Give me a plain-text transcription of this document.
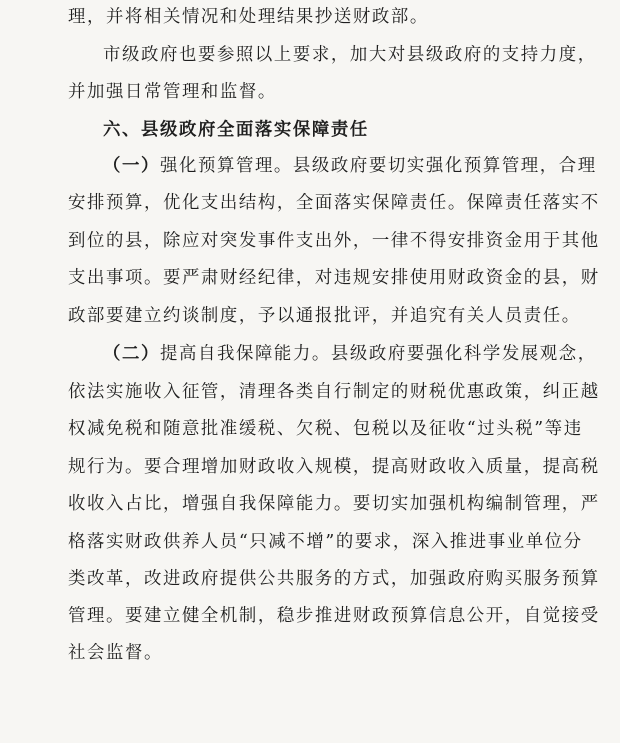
理，并将相关情况和处理结果抄送财政部。
市级政府也要参照以上要求，加大对县级政府的支持力度，
并加强日常管理和监督。
六、县级政府全面落实保障责任
（一）强化预算管理。县级政府要切实强化预算管理，合理
安排预算，优化支出结构，全面落实保障责任。保障责任落实不
到位的县，除应对突发事件支出外，一律不得安排资金用于其他
支出事项。要严肃财经纪律，对违规安排使用财政资金的县，财
政部要建立约谈制度，予以通报批评，并追究有关人员责任。
（二）提高自我保障能力。县级政府要强化科学发展观念，
依法实施收入征管，清理各类自行制定的财税优惠政策，纠正越
权减免税和随意批准缓税、欠税、包税以及征收“过头税”等违
规行为。要合理增加财政收入规模，提高财政收入质量，提高税
收收入占比，增强自我保障能力。要切实加强机构编制管理，严
格落实财政供养人员“只减不增”的要求，深入推进事业单位分
类改革，改进政府提供公共服务的方式，加强政府购买服务预算
管理。要建立健全机制，稳步推进财政预算信息公开，自觉接受
社会监督。
